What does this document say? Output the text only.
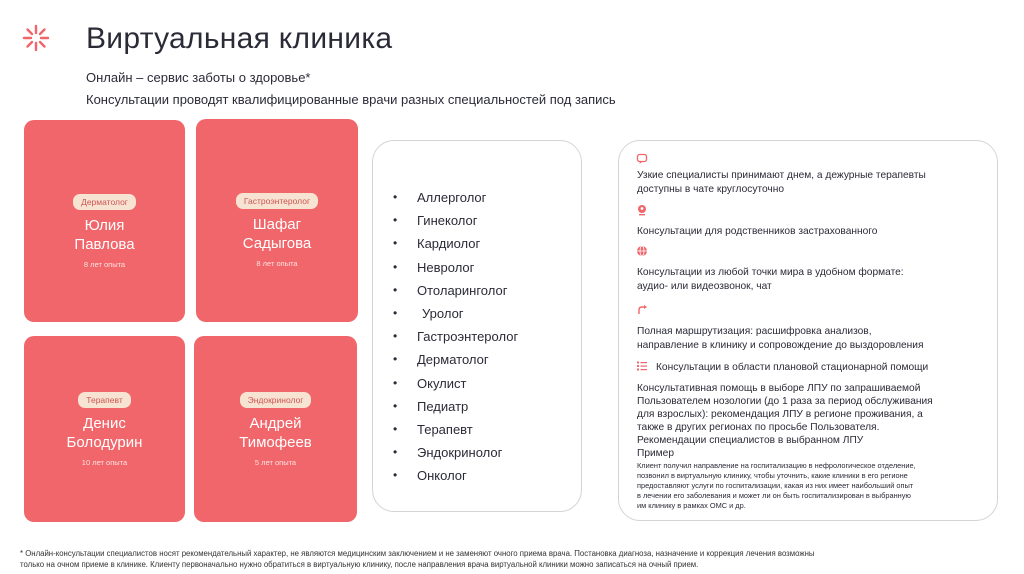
Виртуальная клиника
Онлайн – сервис заботы о здоровье*
Консультации проводят квалифицированные врачи разных специальностей под запись
Дерматолог
Юлия
Павлова
8 лет опыта
Гастроэнтеролог
Шафаг
Садыгова
8 лет опыта
Терапевт
Денис
Болодурин
10 лет опыта
Эндокринолог
Андрей
Тимофеев
5 лет опыта
• Аллерголог
• Гинеколог
• Кардиолог
• Невролог
• Отоларинголог
• Уролог
• Гастроэнтеролог
• Дерматолог
• Окулист
• Педиатр
• Терапевт
• Эндокринолог
• Онколог
Узкие специалисты принимают днем, а дежурные терапевты
доступны в чате круглосуточно
Консультации для родственников застрахованного
Консультации из любой точки мира в удобном формате:
аудио- или видеозвонок, чат
Полная маршрутизация: расшифровка анализов,
направление в клинику и сопровождение до выздоровления
Консультации в области плановой стационарной помощи
Консультативная помощь в выборе ЛПУ по запрашиваемой
Пользователем нозологии (до 1 раза за период обслуживания
для взрослых): рекомендация ЛПУ в регионе проживания, а
также в других регионах по просьбе Пользователя.
Рекомендации специалистов в выбранном ЛПУ
Пример
Клиент получил направление на госпитализацию в нефрологическое отделение,
позвонил в виртуальную клинику, чтобы уточнить, какие клиники в его регионе
предоставляют услуги по госпитализации, какая из них имеет наибольший опыт
в лечении его заболевания и может ли он быть госпитализирован в выбранную
им клинику в рамках ОМС и др.
* Онлайн-консультации специалистов носят рекомендательный характер, не являются медицинским заключением и не заменяют очного приема врача. Постановка диагноза, назначение и коррекция лечения возможны
только на очном приеме в клинике. Клиенту первоначально нужно обратиться в виртуальную клинику, после направления врача виртуальной клиники можно записаться на очный прием.
